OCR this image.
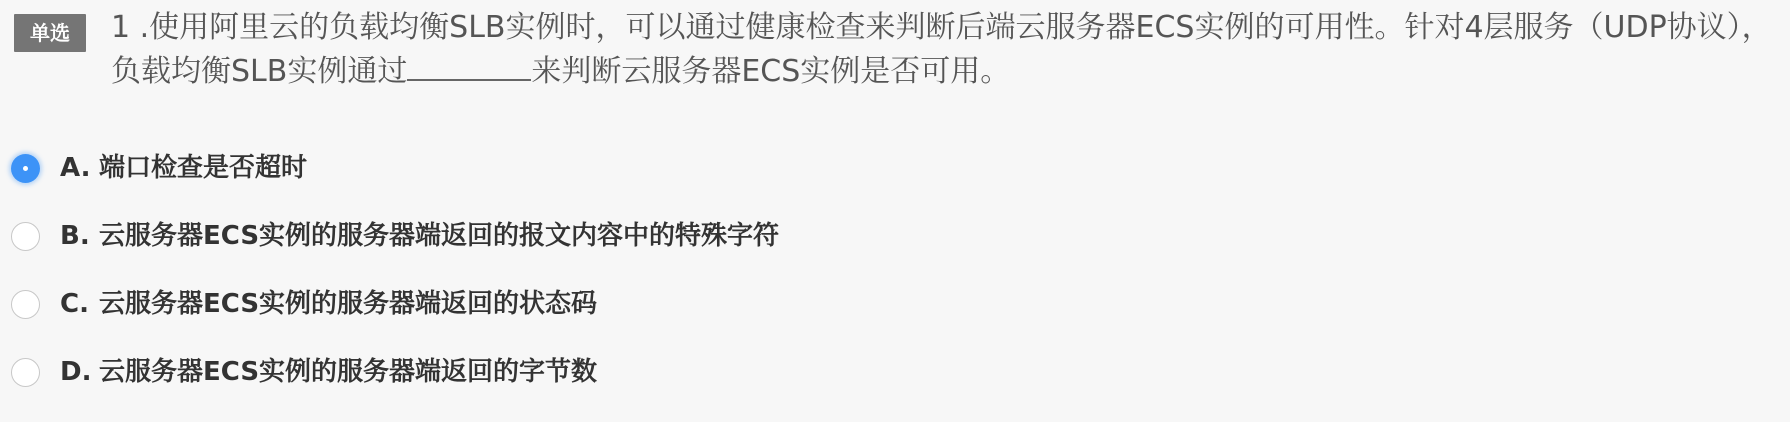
单选	1 .使用阿里云的负载均衡SLB实例时，可以通过健康检查来判断后端云服务器ECS实例的可用性。针对4层服务（UDP协议），负载均衡SLB实例通过	来判断云服务器ECS实例是否可用。

A. 端口检查是否超时
B. 云服务器ECS实例的服务器端返回的报文内容中的特殊字符
C. 云服务器ECS实例的服务器端返回的状态码
D. 云服务器ECS实例的服务器端返回的字节数
